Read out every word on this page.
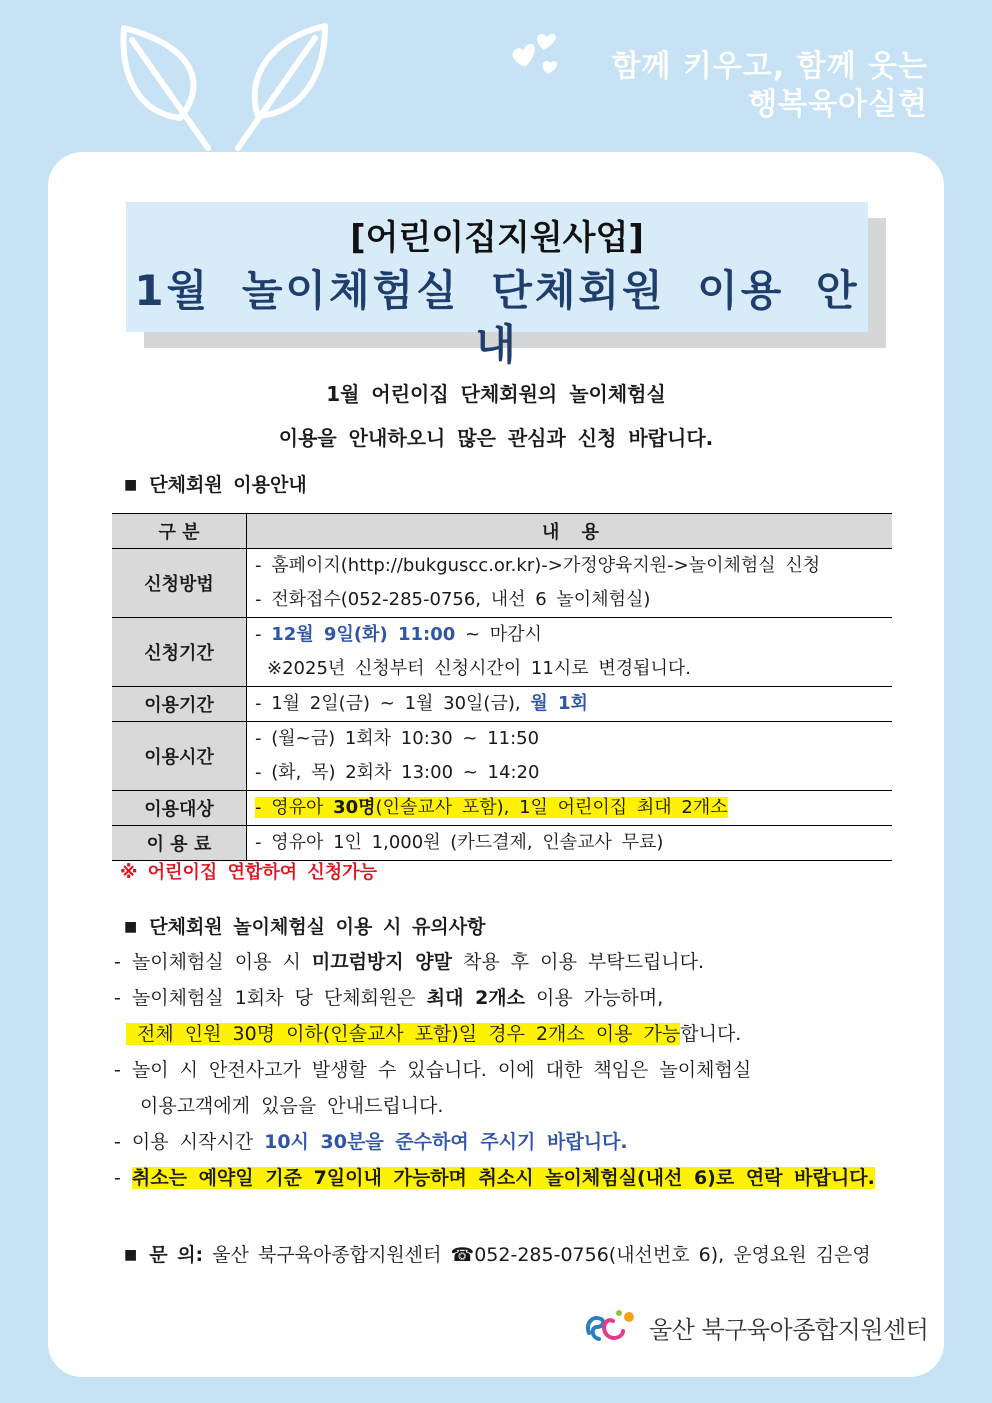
함께 키우고, 함께 웃는
행복육아실현
[어린이집지원사업]
1월 놀이체험실 단체회원 이용 안내
1월 어린이집 단체회원의 놀이체험실
이용을 안내하오니 많은 관심과 신청 바랍니다.
■ 단체회원 이용안내
구 분	내 용
신청방법	- 홈페이지(http://bukguscc.or.kr)->가정양육지원->놀이체험실 신청
- 전화접수(052-285-0756, 내선 6 놀이체험실)

신청기간	- 12월 9일(화) 11:00 ~ 마감시
※2025년 신청부터 신청시간이 11시로 변경됩니다.

이용기간	- 1월 2일(금) ~ 1월 30일(금), 월 1회

이용시간	- (월~금) 1회차 10:30 ~ 11:50
- (화, 목) 2회차 13:00 ~ 14:20

이용대상	- 영유아 30명(인솔교사 포함), 1일 어린이집 최대 2개소

이 용 료	- 영유아 1인 1,000원 (카드결제, 인솔교사 무료)
※ 어린이집 연합하여 신청가능
■ 단체회원 놀이체험실 이용 시 유의사항
- 놀이체험실 이용 시 미끄럼방지 양말 착용 후 이용 부탁드립니다.
- 놀이체험실 1회차 당 단체회원은 최대 2개소 이용 가능하며,
전체 인원 30명 이하(인솔교사 포함)일 경우 2개소 이용 가능합니다.
- 놀이 시 안전사고가 발생할 수 있습니다. 이에 대한 책임은 놀이체험실
이용고객에게 있음을 안내드립니다.
- 이용 시작시간 10시 30분을 준수하여 주시기 바랍니다.
- 취소는 예약일 기준 7일이내 가능하며 취소시 놀이체험실(내선 6)로 연락 바랍니다.
■ 문 의: 울산 북구육아종합지원센터 ☎052-285-0756(내선번호 6), 운영요원 김은영
울산 북구육아종합지원센터
